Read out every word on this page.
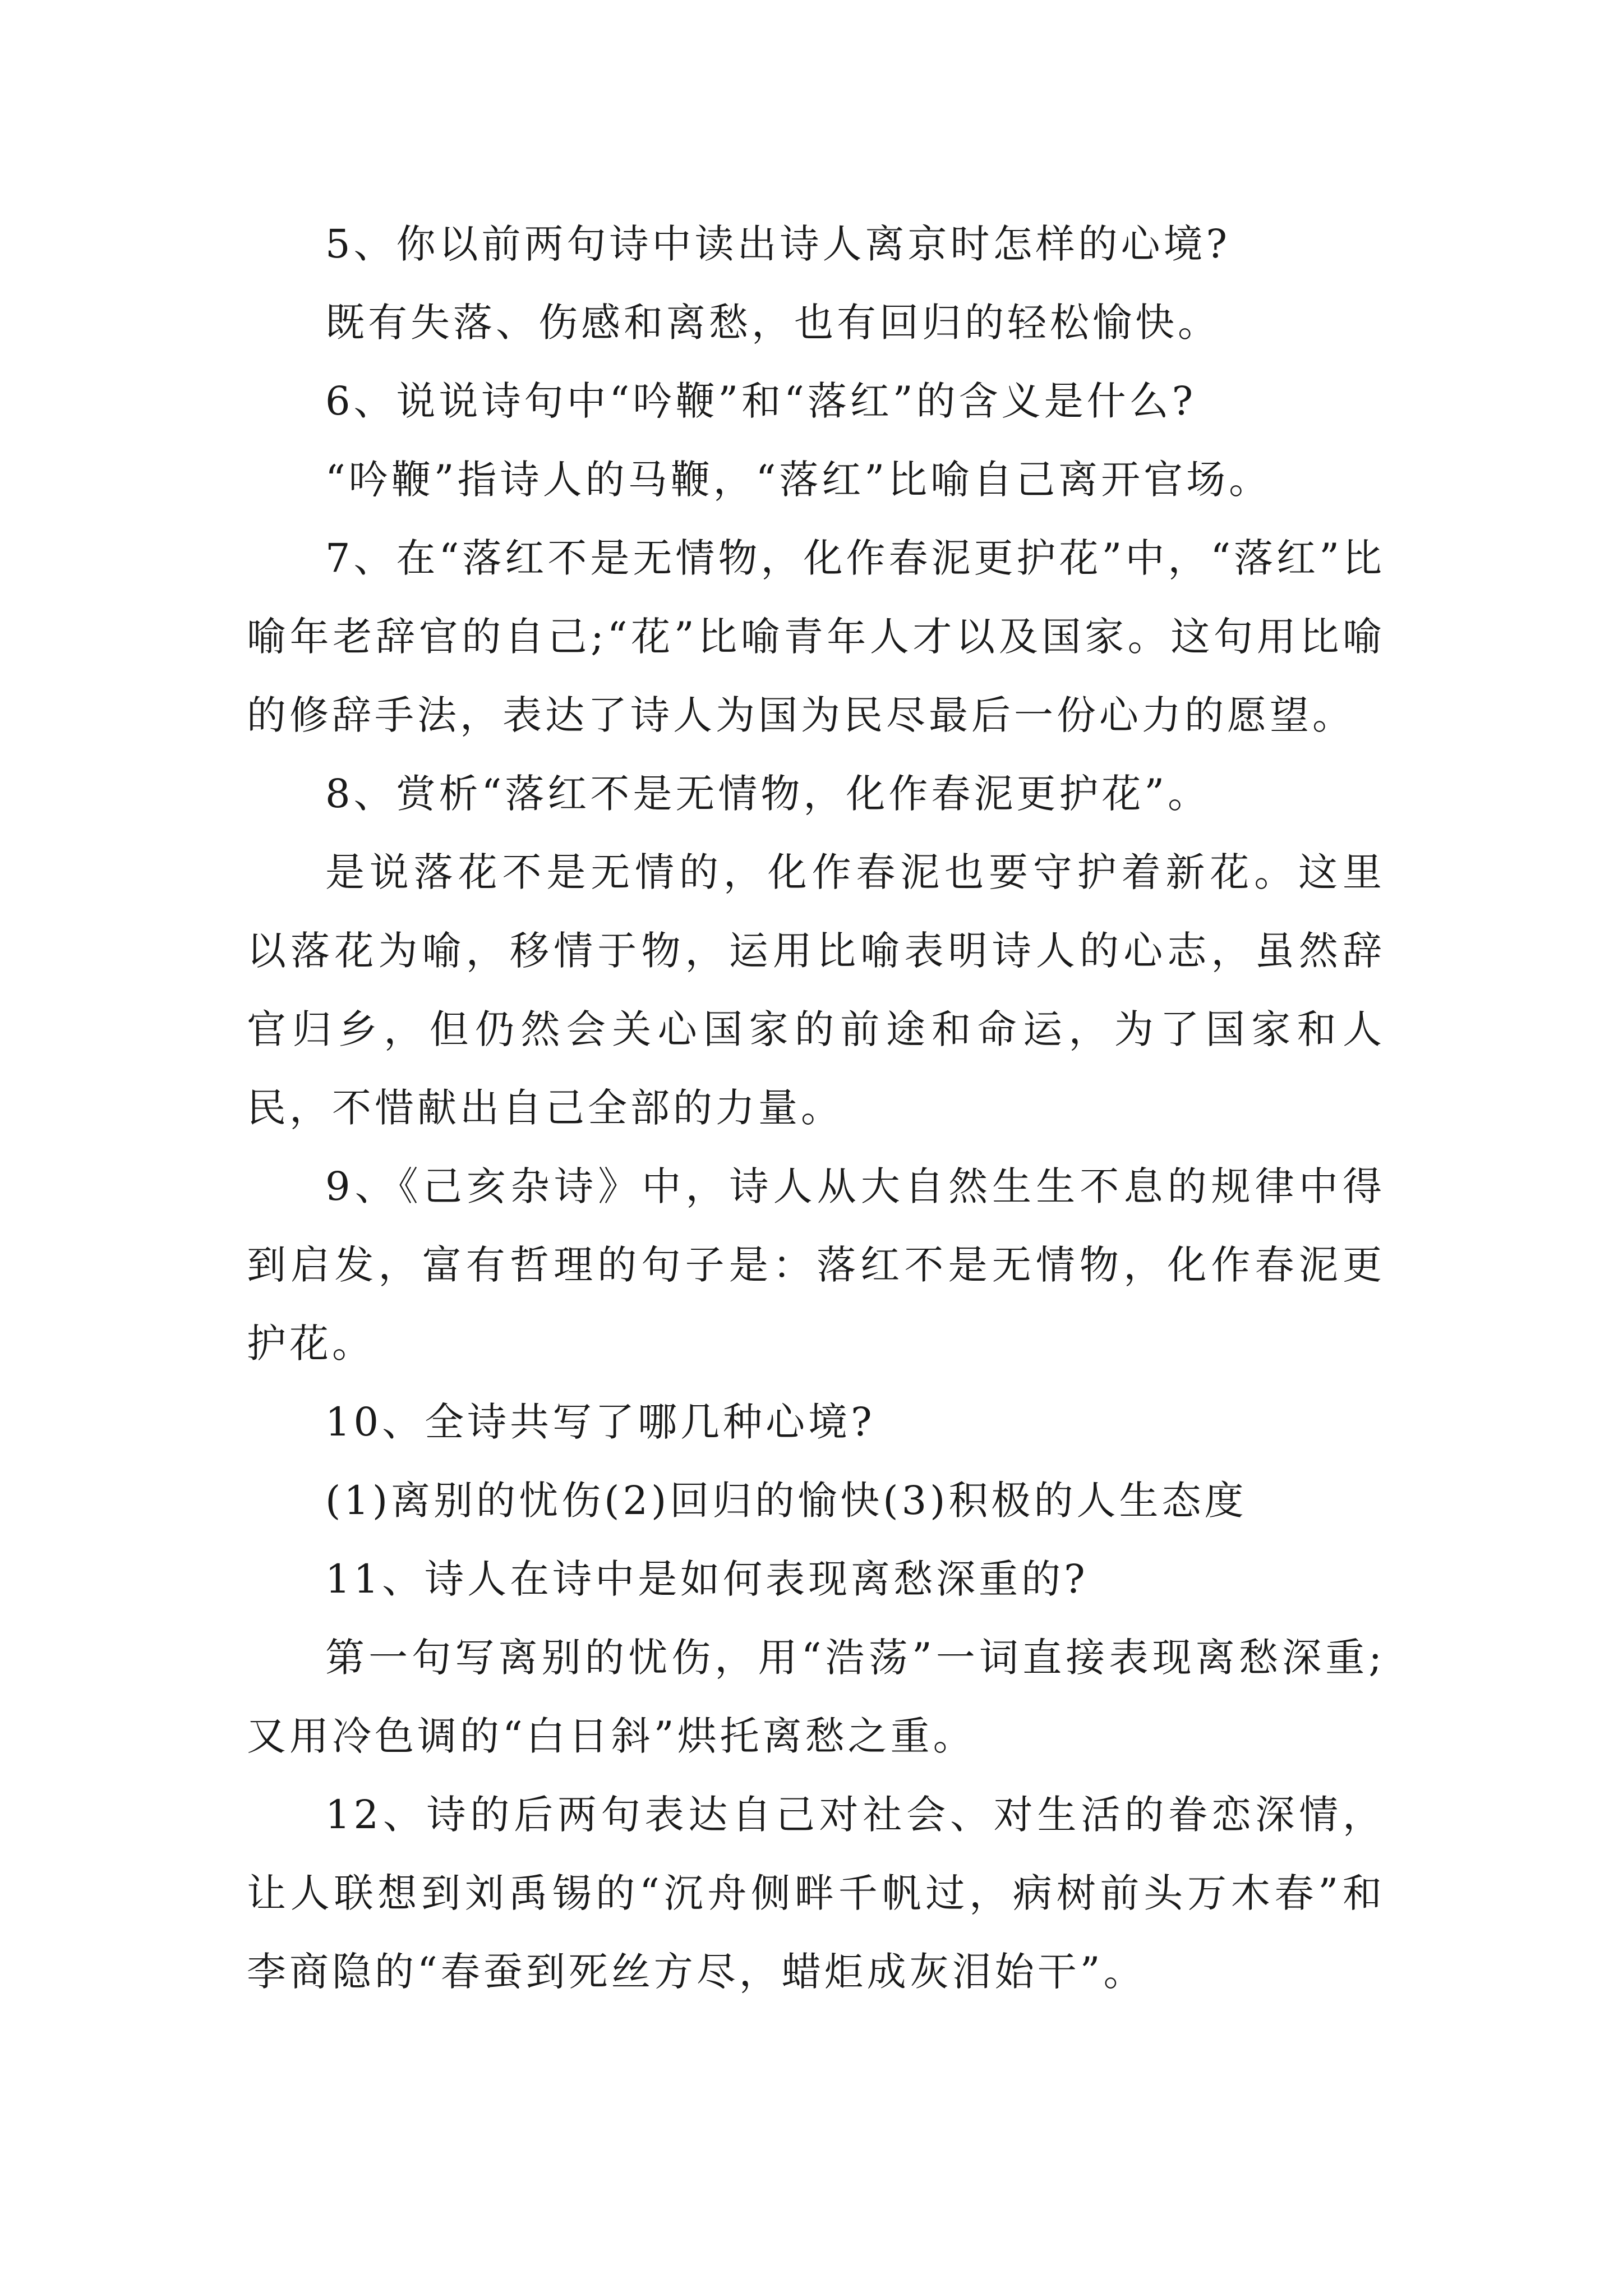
5、你以前两句诗中读出诗人离京时怎样的心境?

既有失落、伤感和离愁，也有回归的轻松愉快。

6、说说诗句中“吟鞭”和“落红”的含义是什么?

“吟鞭”指诗人的马鞭，“落红”比喻自己离开官场。

7、在“落红不是无情物，化作春泥更护花”中，“落红”比喻年老辞官的自己;“花”比喻青年人才以及国家。这句用比喻的修辞手法，表达了诗人为国为民尽最后一份心力的愿望。

8、赏析“落红不是无情物，化作春泥更护花”。

是说落花不是无情的，化作春泥也要守护着新花。这里以落花为喻，移情于物，运用比喻表明诗人的心志，虽然辞官归乡，但仍然会关心国家的前途和命运，为了国家和人民，不惜献出自己全部的力量。

9、《己亥杂诗》中，诗人从大自然生生不息的规律中得到启发，富有哲理的句子是：落红不是无情物，化作春泥更护花。

10、全诗共写了哪几种心境?

(1)离别的忧伤(2)回归的愉快(3)积极的人生态度

11、诗人在诗中是如何表现离愁深重的?

第一句写离别的忧伤，用“浩荡”一词直接表现离愁深重;又用冷色调的“白日斜”烘托离愁之重。

12、诗的后两句表达自己对社会、对生活的眷恋深情，让人联想到刘禹锡的“沉舟侧畔千帆过，病树前头万木春”和李商隐的“春蚕到死丝方尽，蜡炬成灰泪始干”。
